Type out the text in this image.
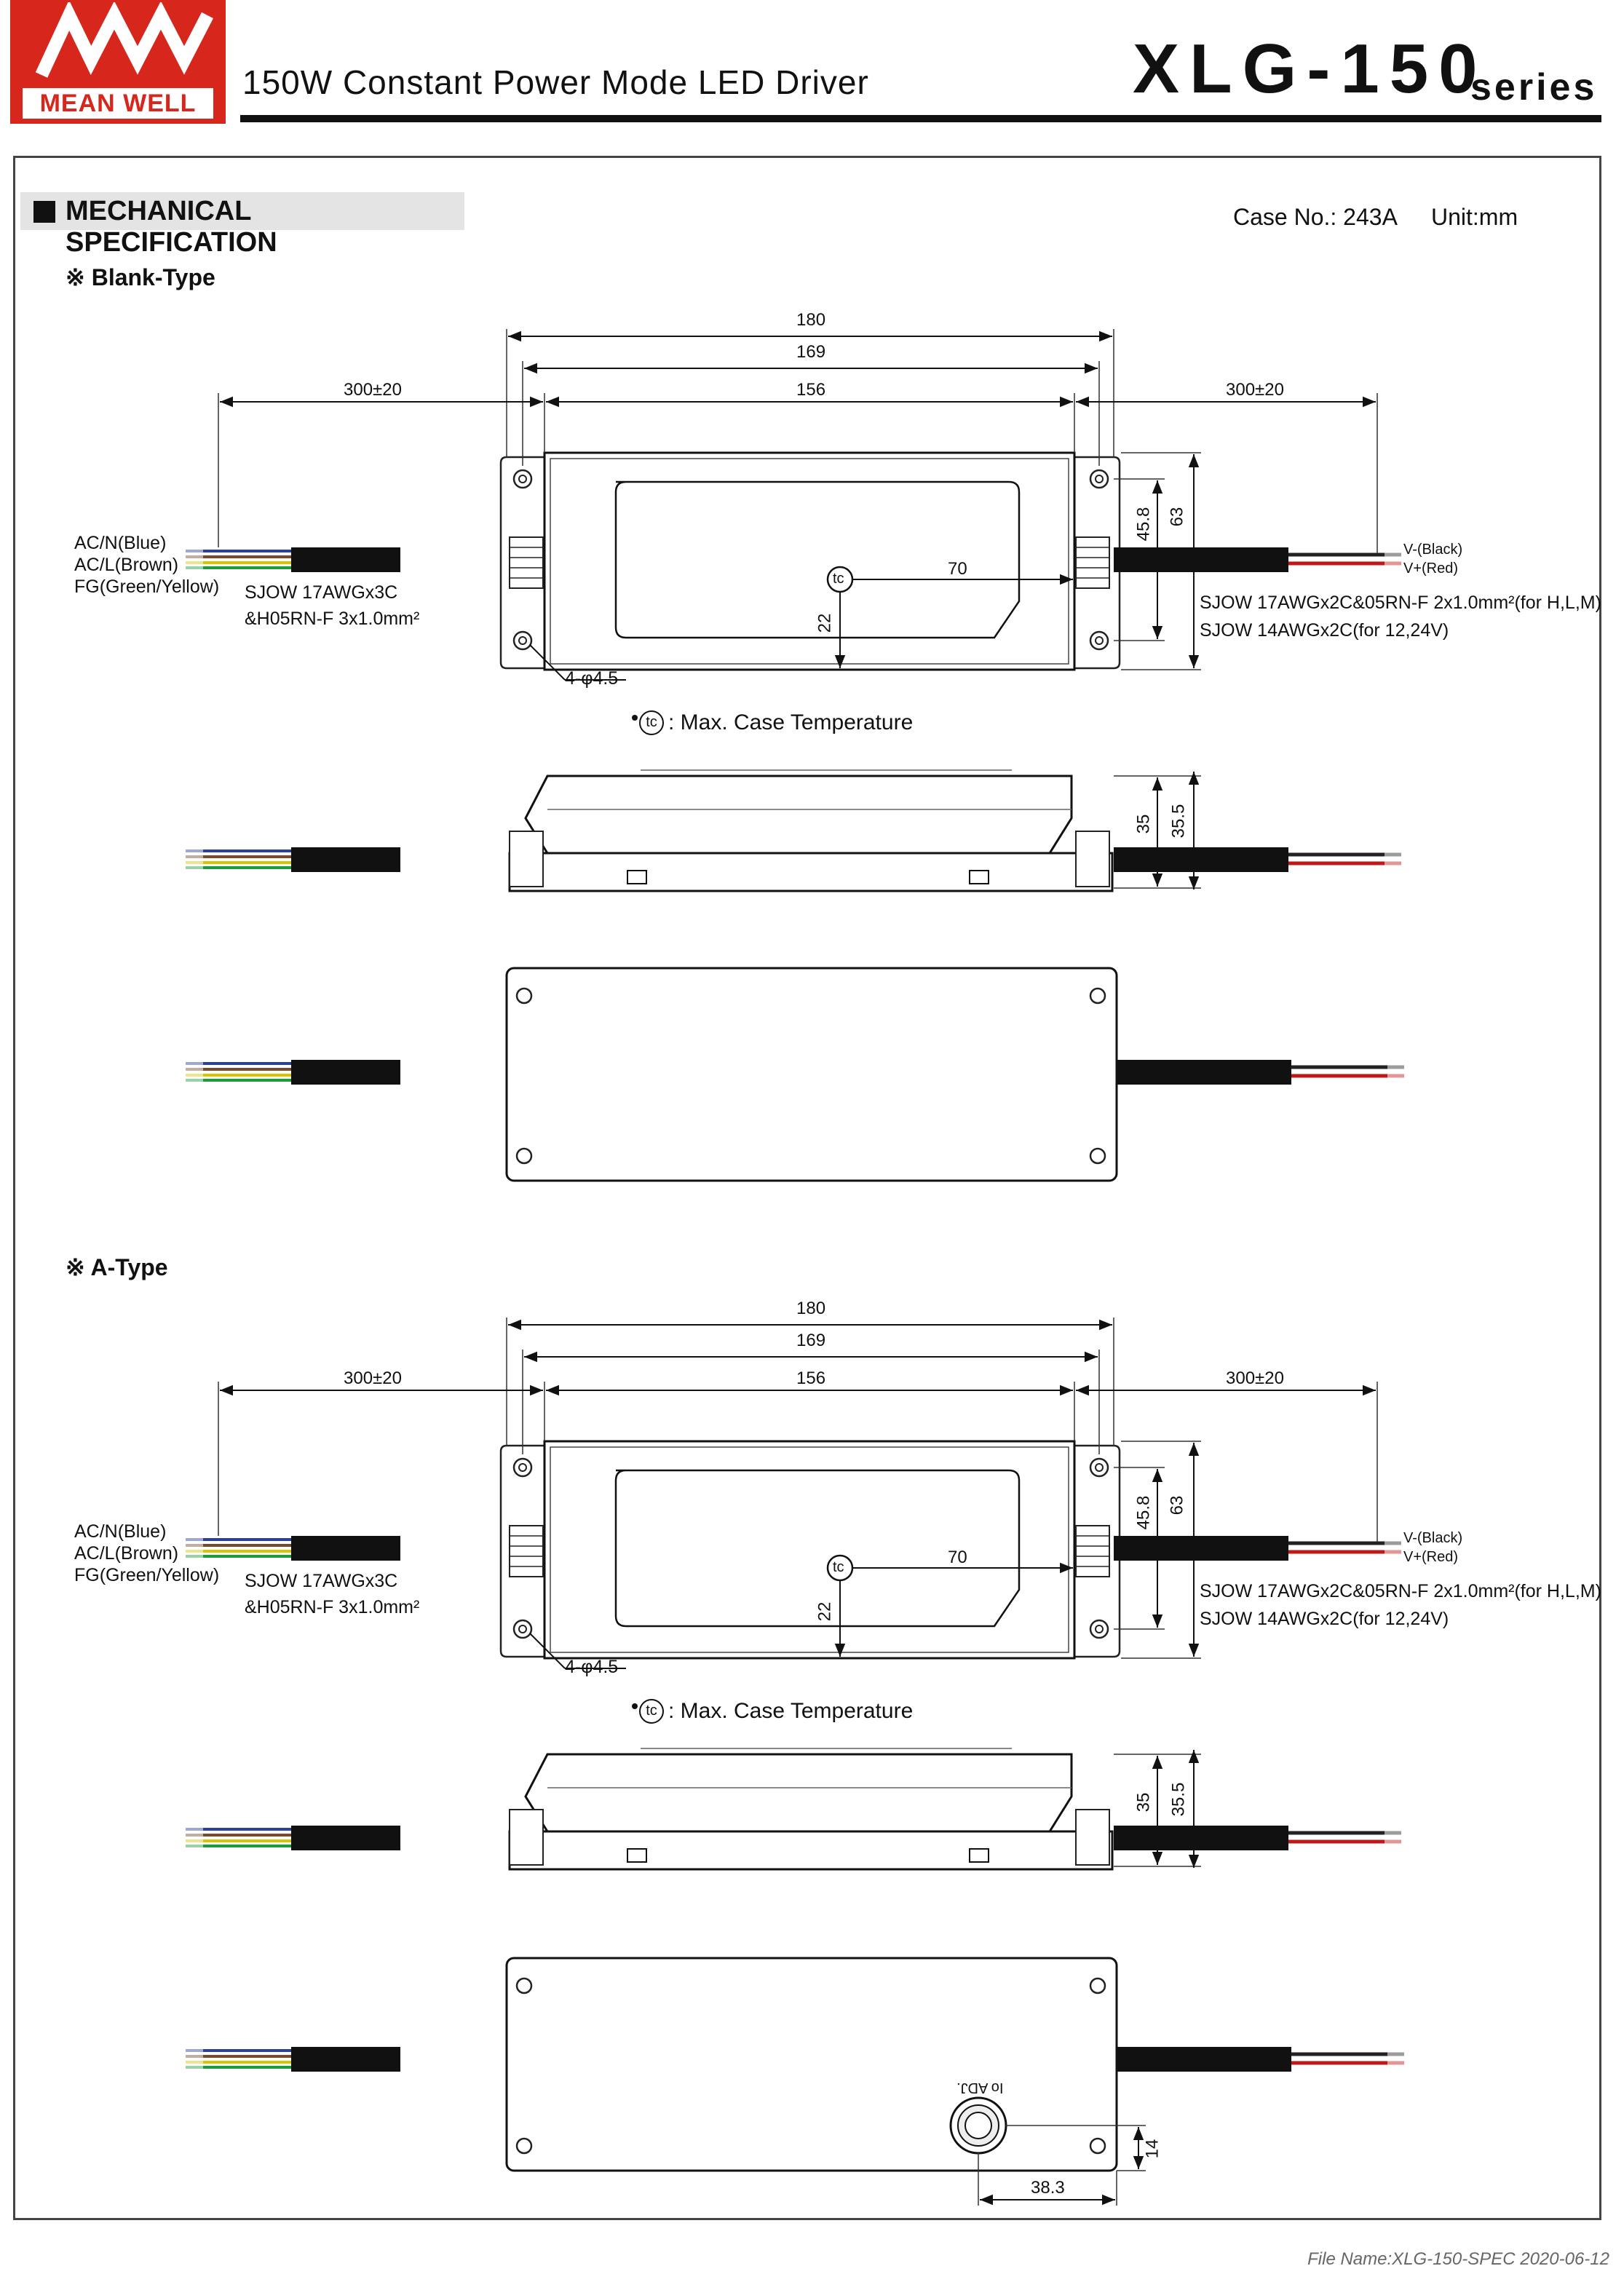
MEAN WELL
150W Constant Power Mode LED Driver	XLG-150
series
MECHANICAL SPECIFICATION
Case No.: 243A Unit:mm
※ Blank-Type
180
169
156
300±20	300±20
45.8 63
70
22
tc
4-φ4.5
AC/N(Blue)
AC/L(Brown)
FG(Green/Yellow) SJOW 17AWGx3C
&H05RN-F 3x1.0mm²
V-(Black)
V+(Red)
SJOW 17AWGx2C&05RN-F 2x1.0mm²(for H,L,M)
SJOW 14AWGx2C(for 12,24V)
tc : Max. Case Temperature
35 35.5
※ A-Type
180
169
156
300±20	300±20
45.8 63
70
22
tc
4-φ4.5
AC/N(Blue)
AC/L(Brown)
FG(Green/Yellow) SJOW 17AWGx3C
&H05RN-F 3x1.0mm²
V-(Black)
V+(Red)
SJOW 17AWGx2C&05RN-F 2x1.0mm²(for H,L,M)
SJOW 14AWGx2C(for 12,24V)
tc : Max. Case Temperature
35 35.5
Io ADJ.
14
38.3
File Name:XLG-150-SPEC 2020-06-12
